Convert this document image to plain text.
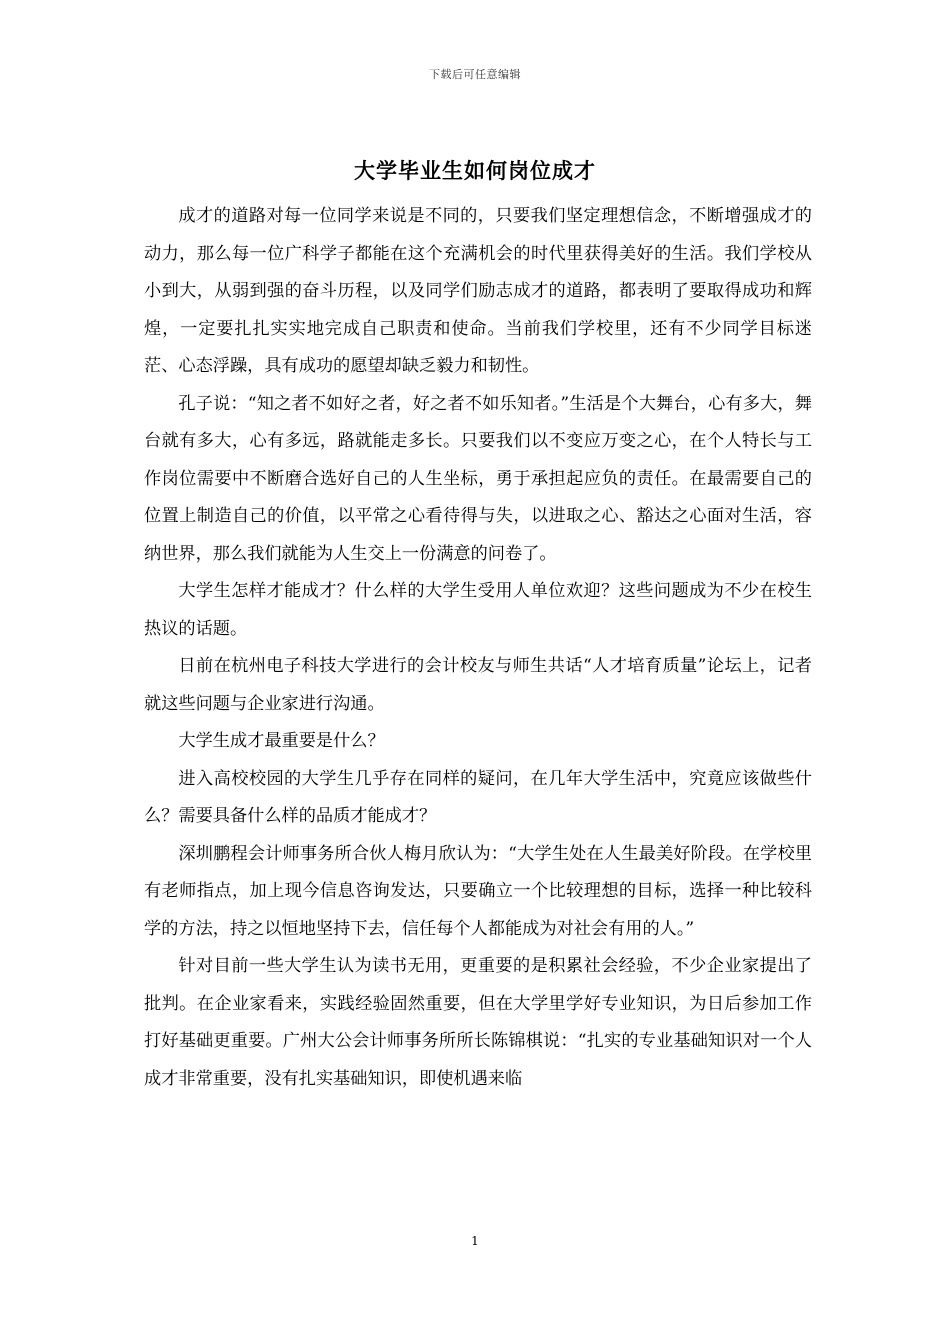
下载后可任意编辑
大学毕业生如何岗位成才

成才的道路对每一位同学来说是不同的，只要我们坚定理想信念，不断增强成才的动力，那么每一位广科学子都能在这个充满机会的时代里获得美好的生活。我们学校从小到大，从弱到强的奋斗历程，以及同学们励志成才的道路，都表明了要取得成功和辉煌，一定要扎扎实实地完成自己职责和使命。当前我们学校里，还有不少同学目标迷茫、心态浮躁，具有成功的愿望却缺乏毅力和韧性。

孔子说：“知之者不如好之者，好之者不如乐知者。”生活是个大舞台，心有多大，舞台就有多大，心有多远，路就能走多长。只要我们以不变应万变之心，在个人特长与工作岗位需要中不断磨合选好自己的人生坐标，勇于承担起应负的责任。在最需要自己的位置上制造自己的价值，以平常之心看待得与失，以进取之心、豁达之心面对生活，容纳世界，那么我们就能为人生交上一份满意的问卷了。

大学生怎样才能成才？什么样的大学生受用人单位欢迎？这些问题成为不少在校生热议的话题。

日前在杭州电子科技大学进行的会计校友与师生共话“人才培育质量”论坛上，记者就这些问题与企业家进行沟通。

大学生成才最重要是什么？

进入高校校园的大学生几乎存在同样的疑问，在几年大学生活中，究竟应该做些什么？需要具备什么样的品质才能成才？

深圳鹏程会计师事务所合伙人梅月欣认为：“大学生处在人生最美好阶段。在学校里有老师指点，加上现今信息咨询发达，只要确立一个比较理想的目标，选择一种比较科学的方法，持之以恒地坚持下去，信任每个人都能成为对社会有用的人。”

针对目前一些大学生认为读书无用，更重要的是积累社会经验，不少企业家提出了批判。在企业家看来，实践经验固然重要，但在大学里学好专业知识，为日后参加工作打好基础更重要。广州大公会计师事务所所长陈锦棋说：“扎实的专业基础知识对一个人成才非常重要，没有扎实基础知识，即使机遇来临

1
